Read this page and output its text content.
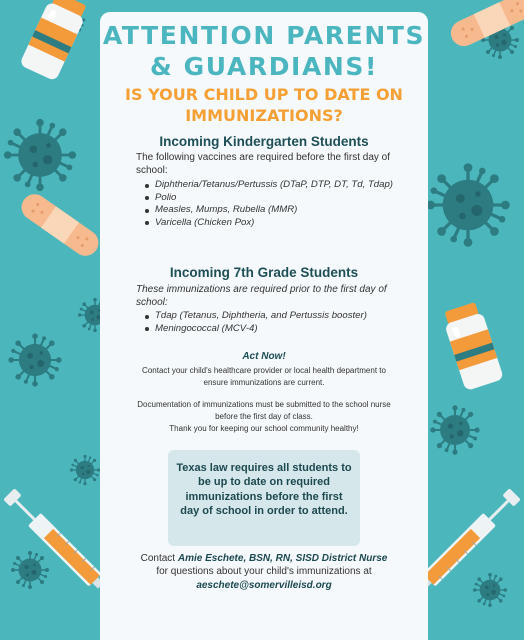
ATTENTION PARENTS & GUARDIANS!
IS YOUR CHILD UP TO DATE ON IMMUNIZATIONS?
Incoming Kindergarten Students
The following vaccines are required before the first day of school:
Diphtheria/Tetanus/Pertussis (DTaP, DTP, DT, Td, Tdap)
Polio
Measles, Mumps, Rubella (MMR)
Varicella (Chicken Pox)
Incoming 7th Grade Students
These immunizations are required prior to the first day of school:
Tdap (Tetanus, Diphtheria, and Pertussis booster)
Meningococcal (MCV-4)
Act Now!
Contact your child's healthcare provider or local health department to ensure immunizations are current.
Documentation of immunizations must be submitted to the school nurse before the first day of class.
Thank you for keeping our school community healthy!
Texas law requires all students to be up to date on required immunizations before the first day of school in order to attend.
Contact Amie Eschete, BSN, RN, SISD District Nurse
for questions about your child's immunizations at
aeschete@somervilleisd.org
